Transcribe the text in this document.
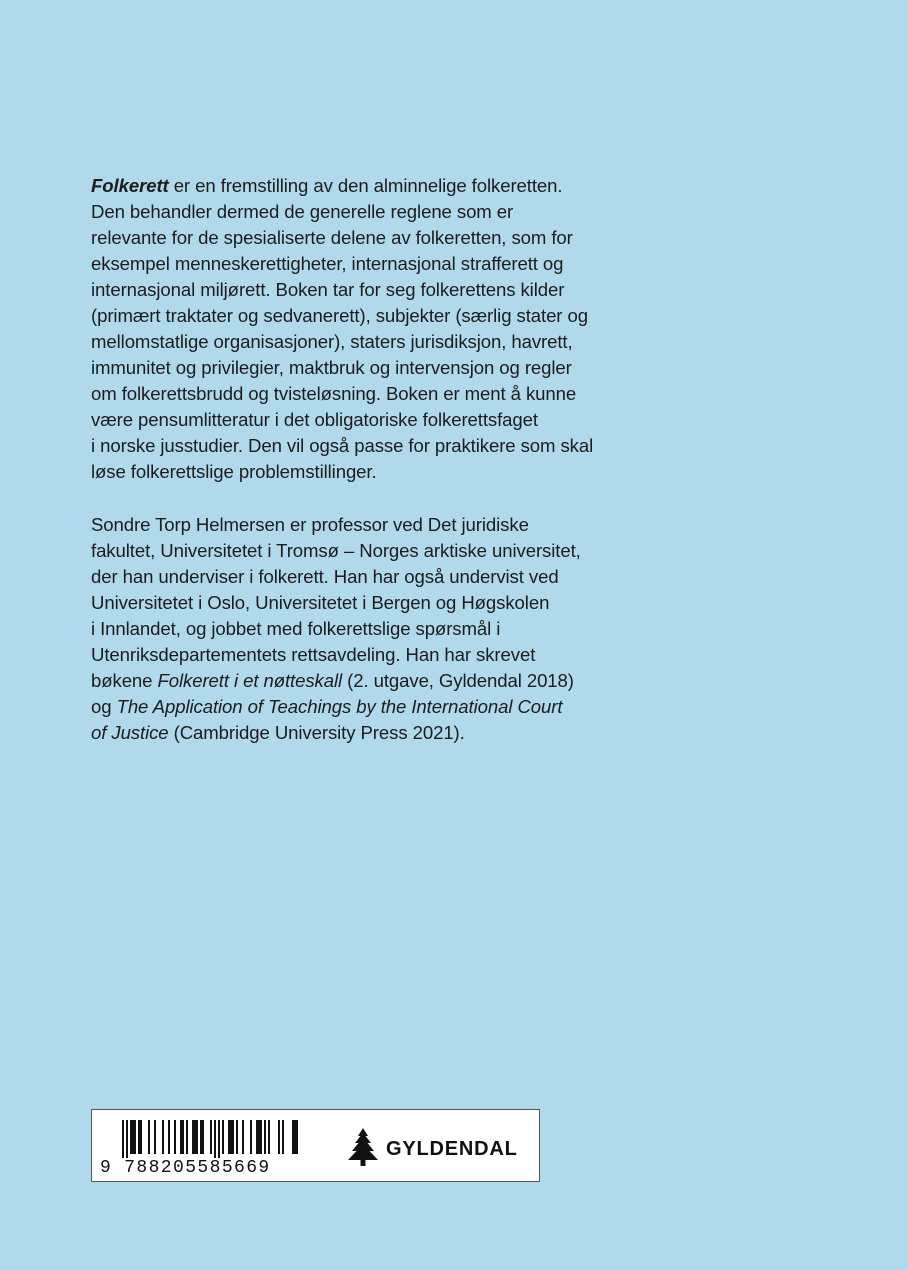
Folkerett er en fremstilling av den alminnelige folkeretten.
Den behandler dermed de generelle reglene som er
relevante for de spesialiserte delene av folkeretten, som for
eksempel menneskerettigheter, internasjonal strafferett og
internasjonal miljørett. Boken tar for seg folkerettens kilder
(primært traktater og sedvanerett), subjekter (særlig stater og
mellomstatlige organisasjoner), staters jurisdiksjon, havrett,
immunitet og privilegier, maktbruk og intervensjon og regler
om folkerettsbrudd og tvisteløsning. Boken er ment å kunne
være pensumlitteratur i det obligatoriske folkerettsfaget
i norske jusstudier. Den vil også passe for praktikere som skal
løse folkerettslige problemstillinger.
Sondre Torp Helmersen er professor ved Det juridiske
fakultet, Universitetet i Tromsø – Norges arktiske universitet,
der han underviser i folkerett. Han har også undervist ved
Universitetet i Oslo, Universitetet i Bergen og Høgskolen
i Innlandet, og jobbet med folkerettslige spørsmål i
Utenriksdepartementets rettsavdeling. Han har skrevet
bøkene Folkerett i et nøtteskall (2. utgave, Gyldendal 2018)
og The Application of Teachings by the International Court
of Justice (Cambridge University Press 2021).
9 788205585669
GYLDENDAL
